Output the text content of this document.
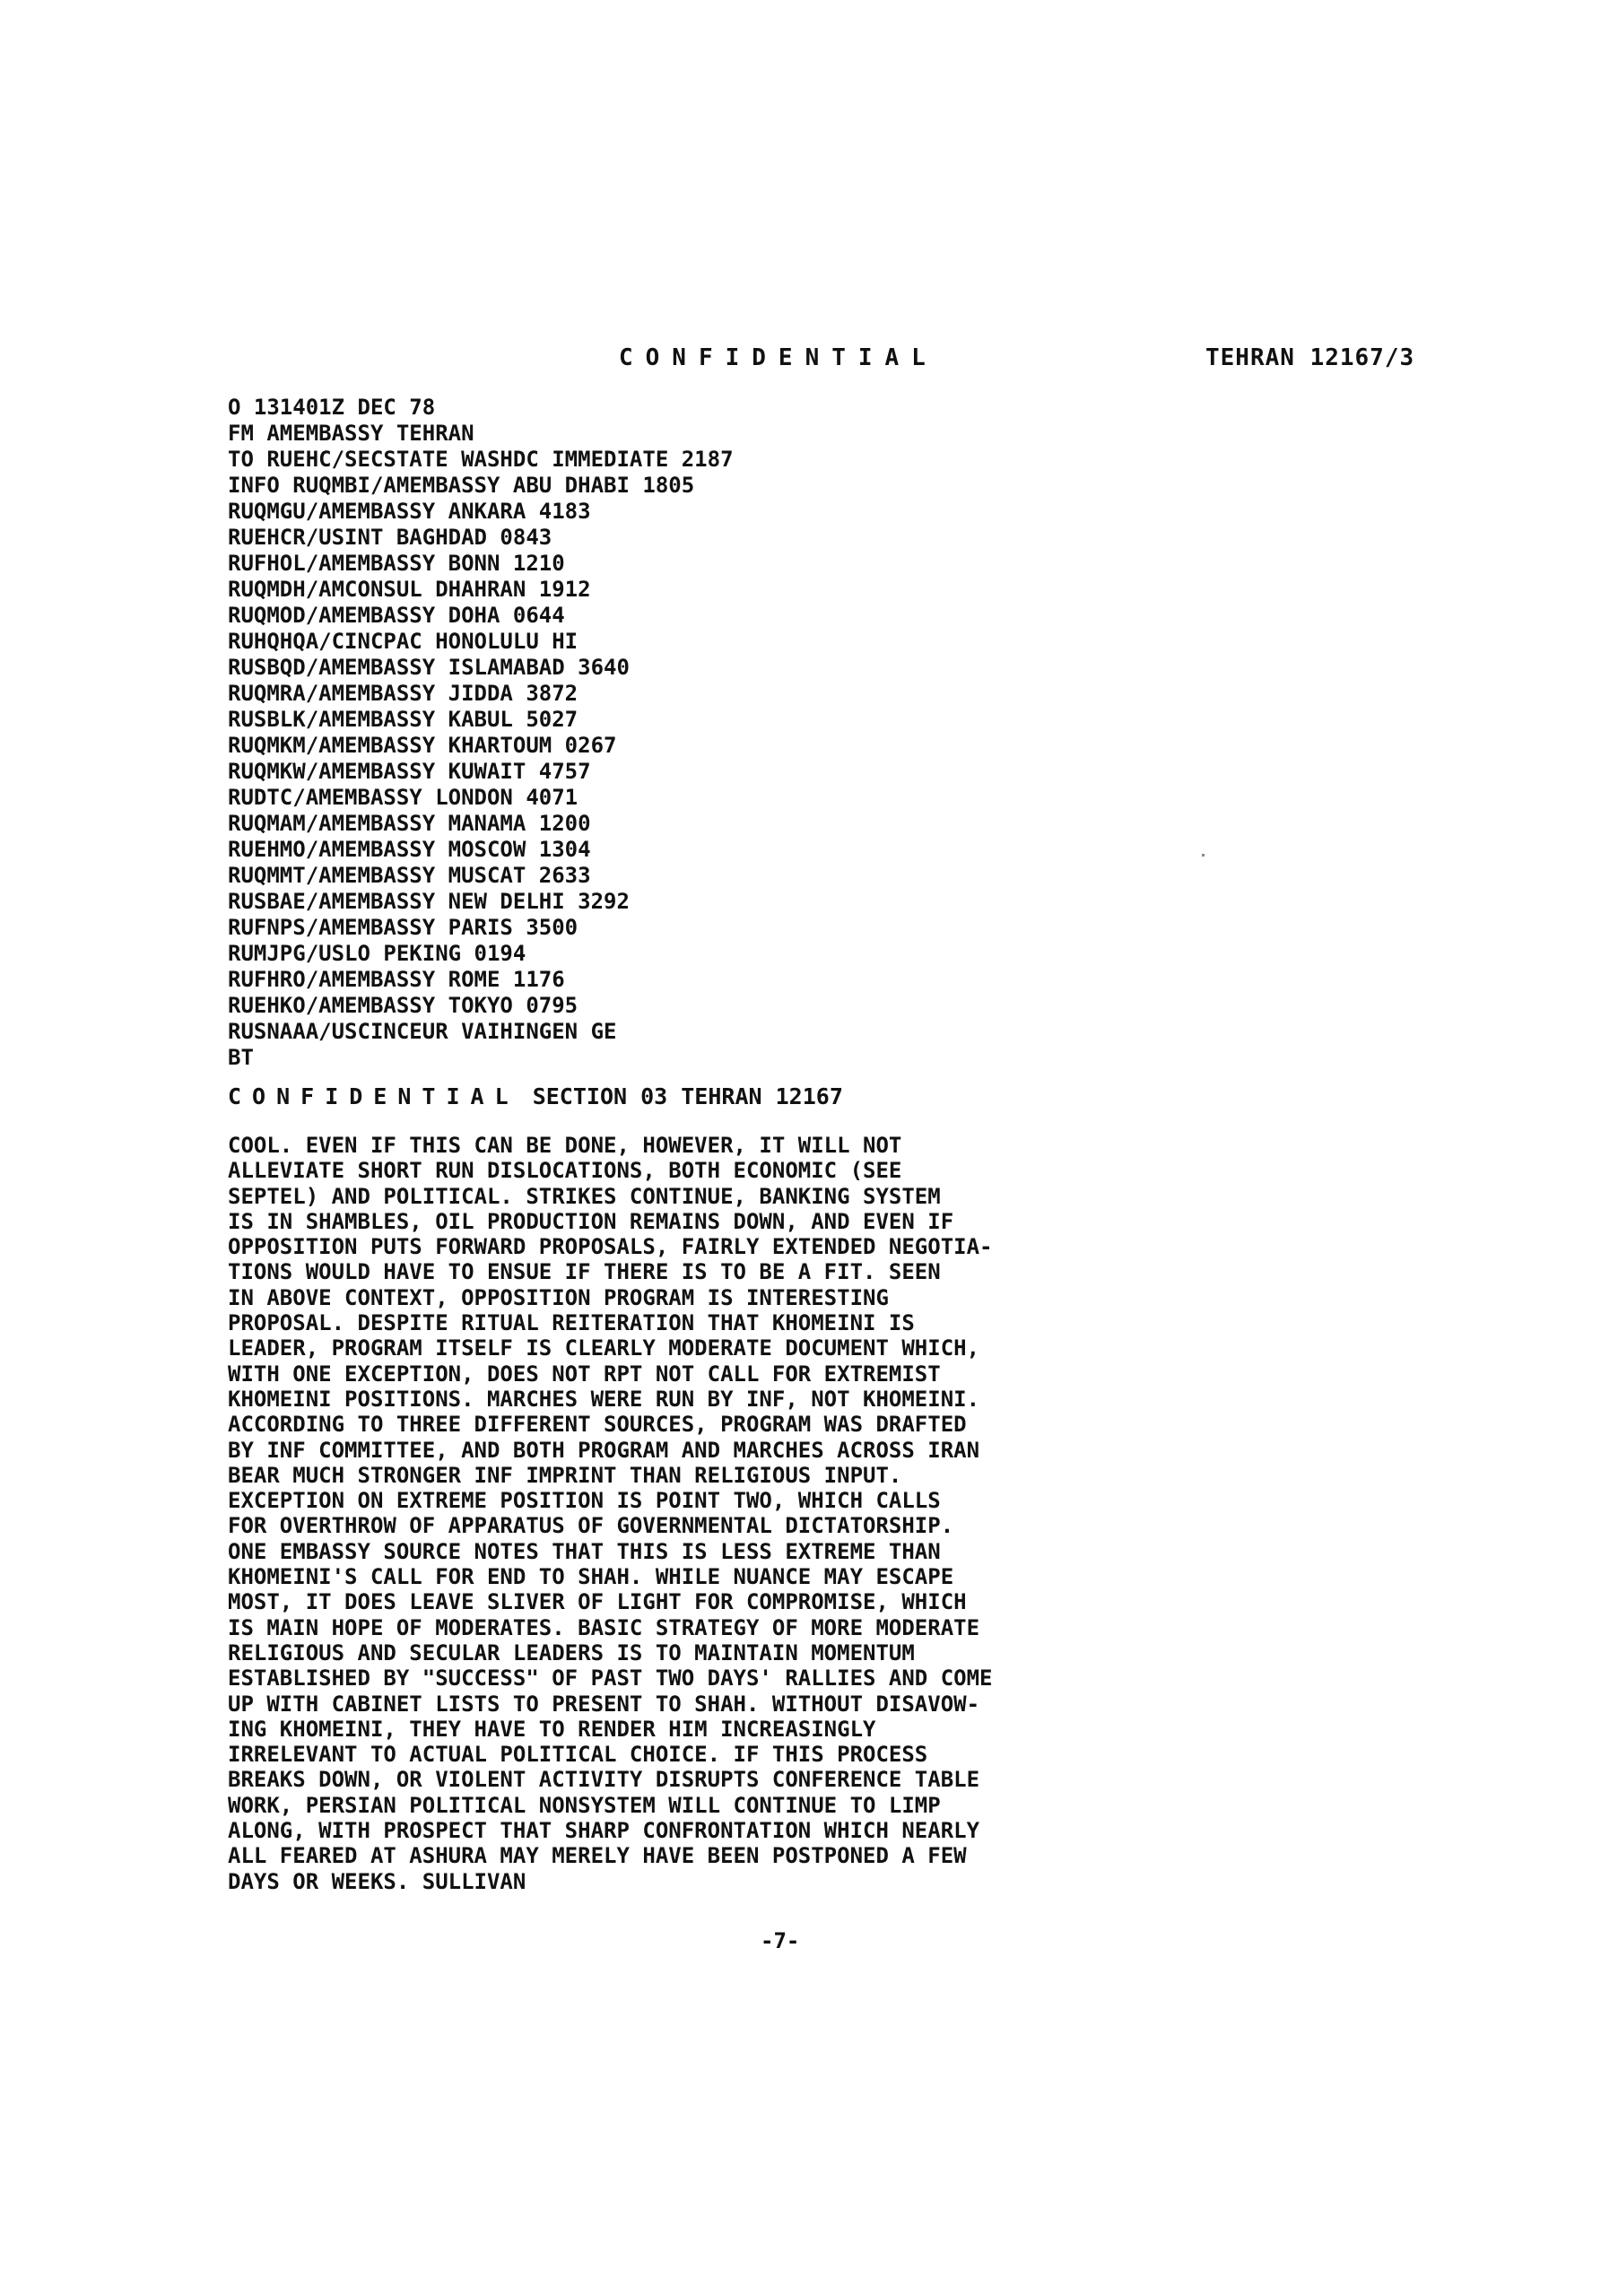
CONFIDENTIAL	TEHRAN 12167/3
O 131401Z DEC 78
FM AMEMBASSY TEHRAN
TO RUEHC/SECSTATE WASHDC IMMEDIATE 2187
INFO RUQMBI/AMEMBASSY ABU DHABI 1805
RUQMGU/AMEMBASSY ANKARA 4183
RUEHCR/USINT BAGHDAD 0843
RUFHOL/AMEMBASSY BONN 1210
RUQMDH/AMCONSUL DHAHRAN 1912
RUQMOD/AMEMBASSY DOHA 0644
RUHQHQA/CINCPAC HONOLULU HI
RUSBQD/AMEMBASSY ISLAMABAD 3640
RUQMRA/AMEMBASSY JIDDA 3872
RUSBLK/AMEMBASSY KABUL 5027
RUQMKM/AMEMBASSY KHARTOUM 0267
RUQMKW/AMEMBASSY KUWAIT 4757
RUDTC/AMEMBASSY LONDON 4071
RUQMAM/AMEMBASSY MANAMA 1200
RUEHMO/AMEMBASSY MOSCOW 1304
RUQMMT/AMEMBASSY MUSCAT 2633
RUSBAE/AMEMBASSY NEW DELHI 3292
RUFNPS/AMEMBASSY PARIS 3500
RUMJPG/USLO PEKING 0194
RUFHRO/AMEMBASSY ROME 1176
RUEHKO/AMEMBASSY TOKYO 0795
RUSNAAA/USCINCEUR VAIHINGEN GE
BT
CONFIDENTIAL SECTION 03 TEHRAN 12167
COOL. EVEN IF THIS CAN BE DONE, HOWEVER, IT WILL NOT
ALLEVIATE SHORT RUN DISLOCATIONS, BOTH ECONOMIC (SEE
SEPTEL) AND POLITICAL. STRIKES CONTINUE, BANKING SYSTEM
IS IN SHAMBLES, OIL PRODUCTION REMAINS DOWN, AND EVEN IF
OPPOSITION PUTS FORWARD PROPOSALS, FAIRLY EXTENDED NEGOTIA-
TIONS WOULD HAVE TO ENSUE IF THERE IS TO BE A FIT. SEEN
IN ABOVE CONTEXT, OPPOSITION PROGRAM IS INTERESTING
PROPOSAL. DESPITE RITUAL REITERATION THAT KHOMEINI IS
LEADER, PROGRAM ITSELF IS CLEARLY MODERATE DOCUMENT WHICH,
WITH ONE EXCEPTION, DOES NOT RPT NOT CALL FOR EXTREMIST
KHOMEINI POSITIONS. MARCHES WERE RUN BY INF, NOT KHOMEINI.
ACCORDING TO THREE DIFFERENT SOURCES, PROGRAM WAS DRAFTED
BY INF COMMITTEE, AND BOTH PROGRAM AND MARCHES ACROSS IRAN
BEAR MUCH STRONGER INF IMPRINT THAN RELIGIOUS INPUT.
EXCEPTION ON EXTREME POSITION IS POINT TWO, WHICH CALLS
FOR OVERTHROW OF APPARATUS OF GOVERNMENTAL DICTATORSHIP.
ONE EMBASSY SOURCE NOTES THAT THIS IS LESS EXTREME THAN
KHOMEINI'S CALL FOR END TO SHAH. WHILE NUANCE MAY ESCAPE
MOST, IT DOES LEAVE SLIVER OF LIGHT FOR COMPROMISE, WHICH
IS MAIN HOPE OF MODERATES. BASIC STRATEGY OF MORE MODERATE
RELIGIOUS AND SECULAR LEADERS IS TO MAINTAIN MOMENTUM
ESTABLISHED BY "SUCCESS" OF PAST TWO DAYS' RALLIES AND COME
UP WITH CABINET LISTS TO PRESENT TO SHAH. WITHOUT DISAVOW-
ING KHOMEINI, THEY HAVE TO RENDER HIM INCREASINGLY
IRRELEVANT TO ACTUAL POLITICAL CHOICE. IF THIS PROCESS
BREAKS DOWN, OR VIOLENT ACTIVITY DISRUPTS CONFERENCE TABLE
WORK, PERSIAN POLITICAL NONSYSTEM WILL CONTINUE TO LIMP
ALONG, WITH PROSPECT THAT SHARP CONFRONTATION WHICH NEARLY
ALL FEARED AT ASHURA MAY MERELY HAVE BEEN POSTPONED A FEW
DAYS OR WEEKS. SULLIVAN
-7-
